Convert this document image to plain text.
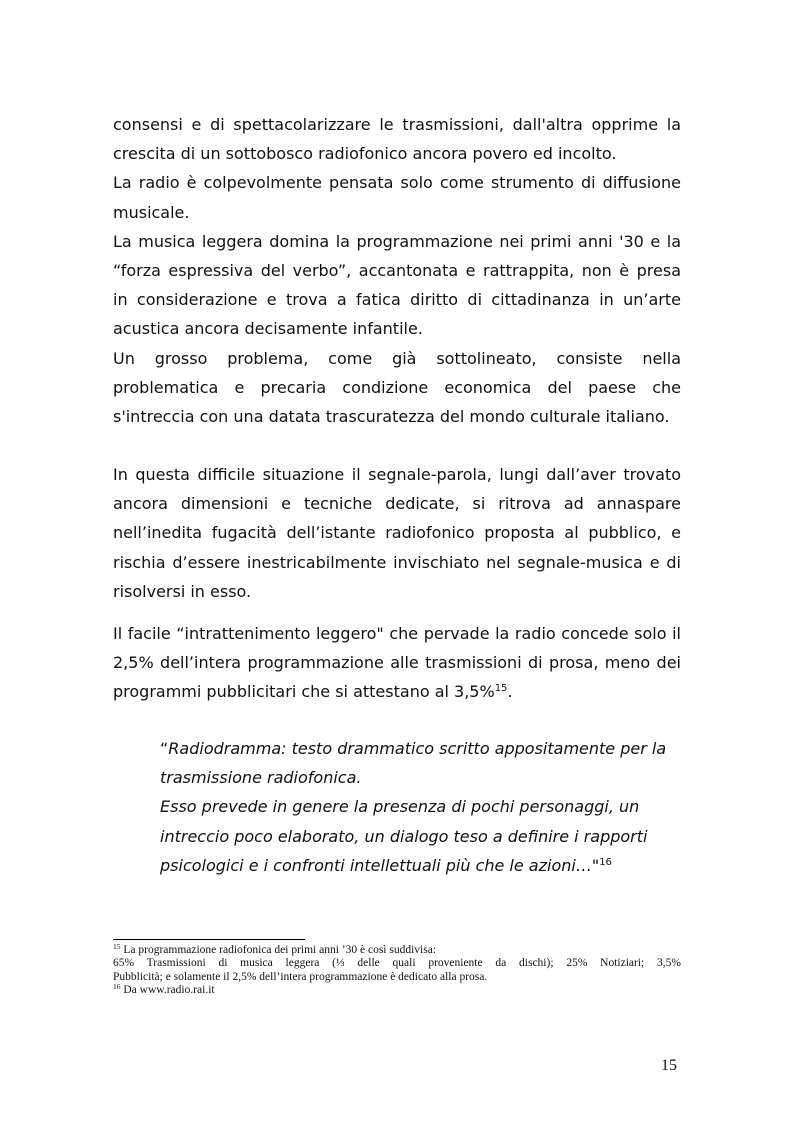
consensi e di spettacolarizzare le trasmissioni, dall'altra opprime la

crescita di un sottobosco radiofonico ancora povero ed incolto.

La radio è colpevolmente pensata solo come strumento di diffusione

musicale.

La musica leggera domina la programmazione nei primi anni '30 e la

“forza espressiva del verbo”, accantonata e rattrappita, non è presa

in considerazione e trova a fatica diritto di cittadinanza in un’arte

acustica ancora decisamente infantile.

Un grosso problema, come già sottolineato, consiste nella

problematica e precaria condizione economica del paese che

s'intreccia con una datata trascuratezza del mondo culturale italiano.

In questa difficile situazione il segnale-parola, lungi dall’aver trovato

ancora dimensioni e tecniche dedicate, si ritrova ad annaspare

nell’inedita fugacità dell’istante radiofonico proposta al pubblico, e

rischia d’essere inestricabilmente invischiato nel segnale-musica e di

risolversi in esso.

Il facile “intrattenimento leggero" che pervade la radio concede solo il

2,5% dell’intera programmazione alle trasmissioni di prosa, meno dei

programmi pubblicitari che si attestano al 3,5%$^{15}$.

“Radiodramma: testo drammatico scritto appositamente per la

trasmissione radiofonica.

Esso prevede in genere la presenza di pochi personaggi, un

intreccio poco elaborato, un dialogo teso a definire i rapporti

psicologici e i confronti intellettuali più che le azioni…"$^{16}$

$^{15}$ La programmazione radiofonica dei primi anni ’30 è così suddivisa:

65% Trasmissioni di musica leggera (⅓ delle quali proveniente da dischi); 25% Notiziari; 3,5%

Pubblicità; e solamente il 2,5% dell’intera programmazione è dedicato alla prosa.

$^{16}$ Da www.radio.rai.it

15
